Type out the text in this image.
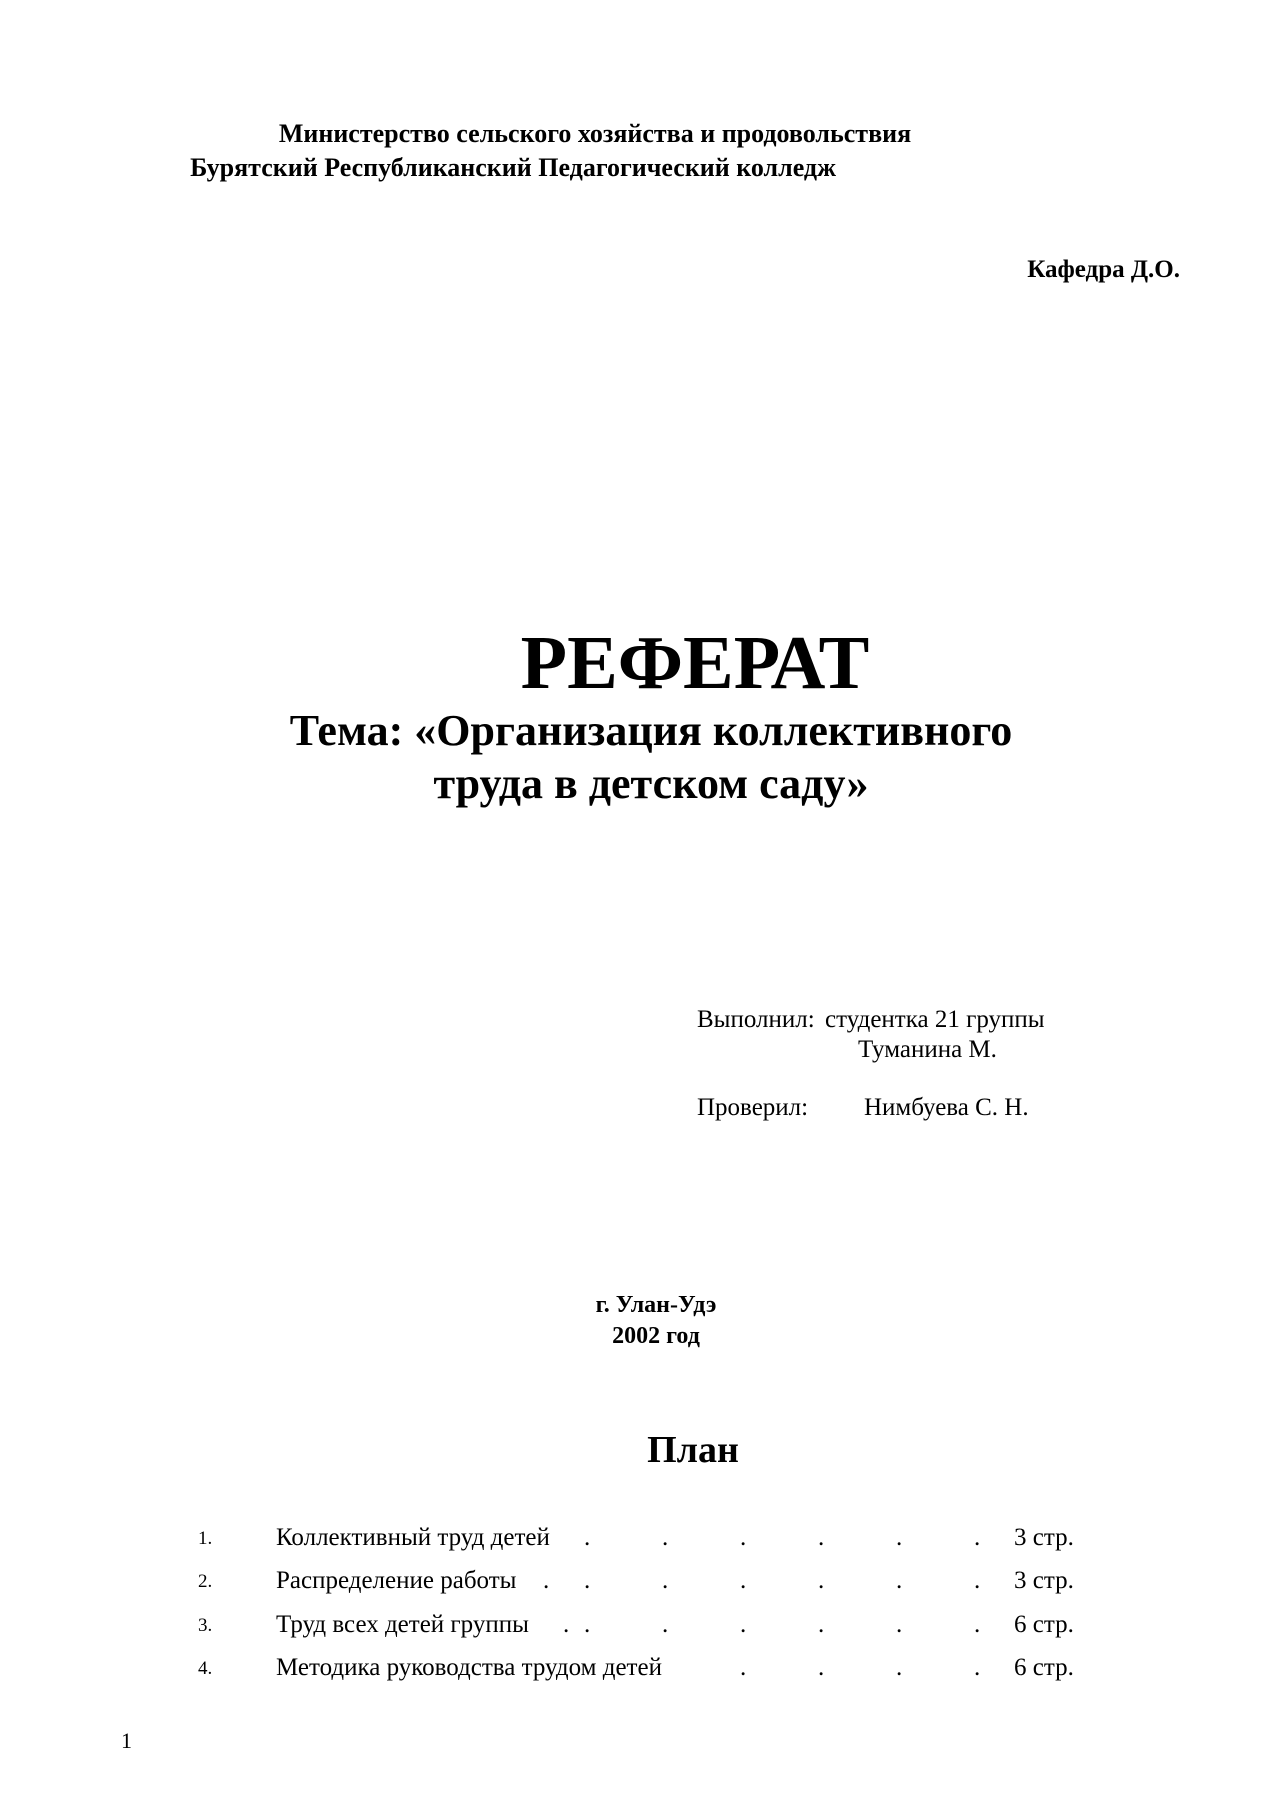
Министерство сельского хозяйства и продовольствия
Бурятский Республиканский Педагогический колледж
Кафедра Д.О.
РЕФЕРАТ
Тема: «Организация коллективного
труда в детском саду»
Выполнил: студентка 21 группы
Туманина М.
Проверил: Нимбуева С. Н.
г. Улан-Удэ
2002 год
План
1.	Коллективный труд детей .	.	.	.	.	. 3 стр.
2.	Распределение работы . .	.	.	.	.	. 3 стр.
3.	Труд всех детей группы . .	.	.	.	.	. 6 стр.
4.	Методика руководства трудом детей	.	.	.	. 6 стр.
1
